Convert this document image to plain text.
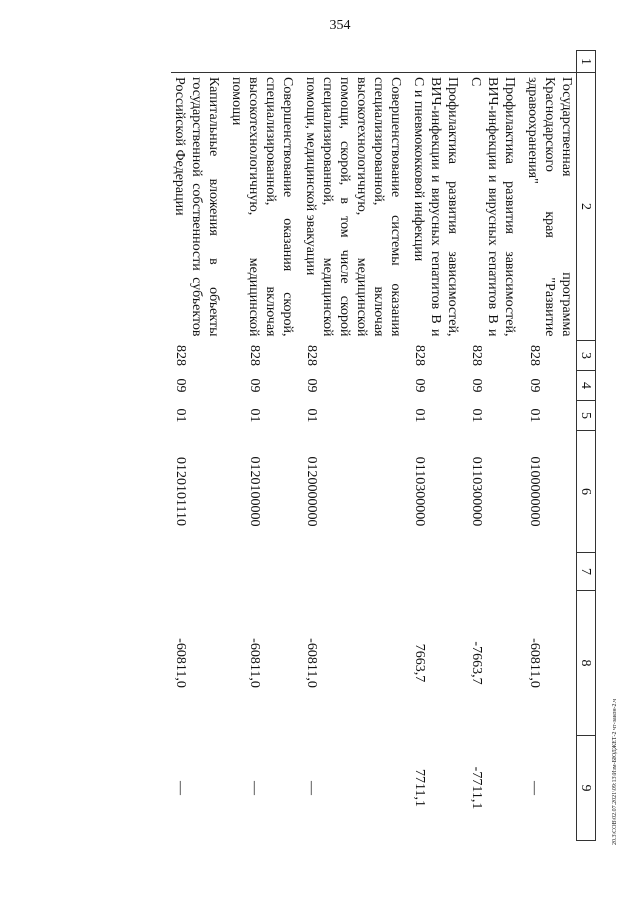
354
20.3\СОВ\02.07.2021\09:13\Изм-БЮДЖЕТ-2 чт-закон-2.ч
1	2	3	4	5	6	7	8	9
	Государственная программа Краснодарского края "Развитие здравоохранения"	828	09	01	0100000000		-60811,0	—
	Профилактика развития зависимостей, ВИЧ-инфекции и вирусных гепатитов В и С	828	09	01	0110300000		-7663,7	-7711,1
	Профилактика развития зависимостей, ВИЧ-инфекции и вирусных гепатитов В и С и пневмококковой инфекции	828	09	01	0110300000		7663,7	7711,1
	Совершенствование системы оказания специализированной, включая высокотехнологичную, медицинской помощи, скорой, в том числе скорой специализированной, медицинской помощи, медицинской эвакуации	828	09	01	0120000000		-60811,0	—
	Совершенствование оказания скорой, специализированной, включая высокотехнологичную, медицинской помощи	828	09	01	0120100000		-60811,0	—
	Капитальные вложения в объекты государственной собственности субъектов Российской Федерации	828	09	01	0120101110		-60811,0	—
